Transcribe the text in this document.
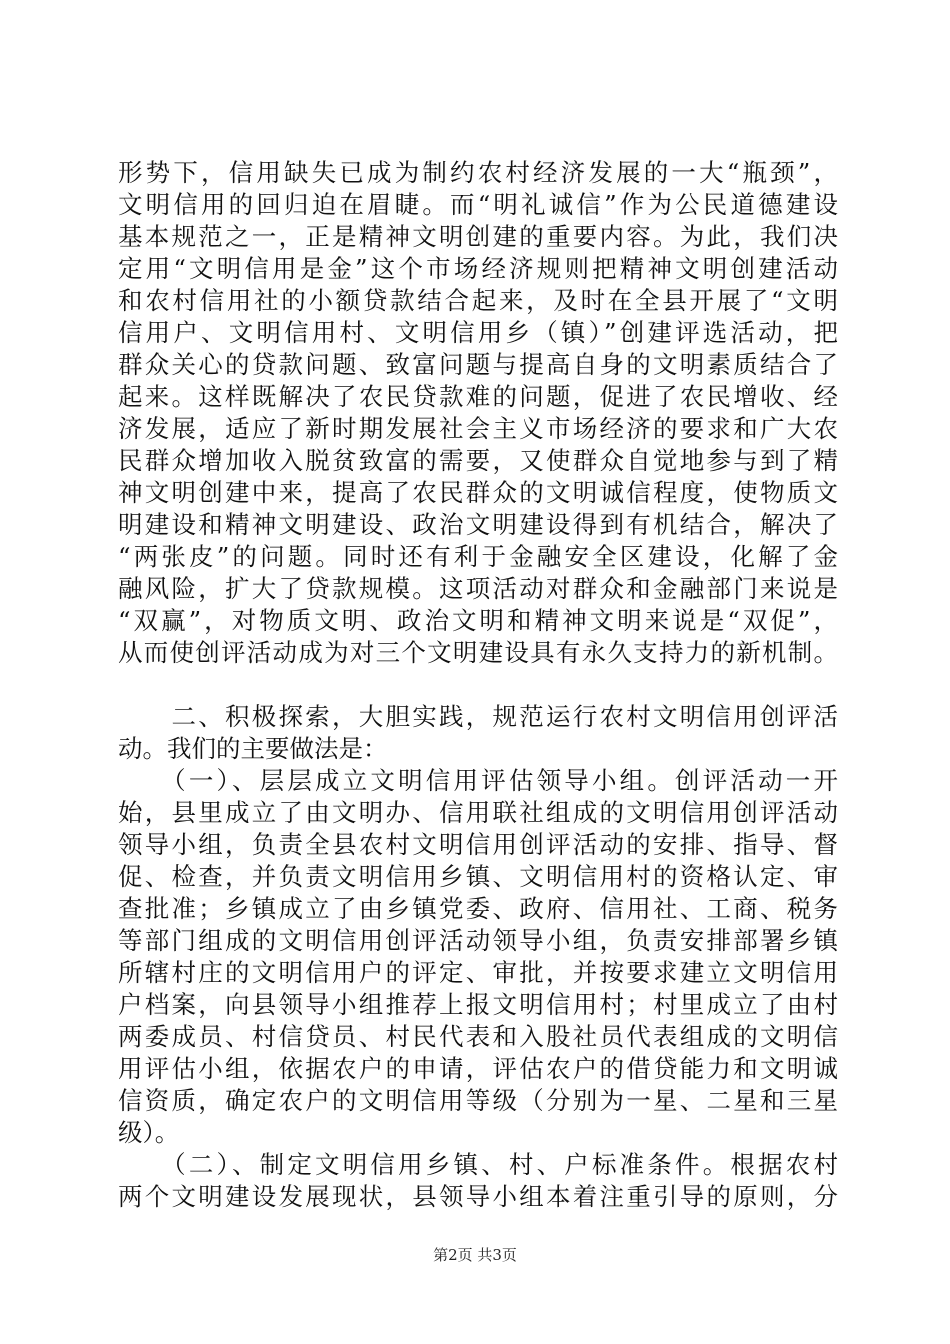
形势下，信用缺失已成为制约农村经济发展的一大“瓶颈”，
文明信用的回归迫在眉睫。而“明礼诚信”作为公民道德建设
基本规范之一，正是精神文明创建的重要内容。为此，我们决
定用“文明信用是金”这个市场经济规则把精神文明创建活动
和农村信用社的小额贷款结合起来，及时在全县开展了“文明
信用户、文明信用村、文明信用乡（镇）”创建评选活动，把
群众关心的贷款问题、致富问题与提高自身的文明素质结合了
起来。这样既解决了农民贷款难的问题，促进了农民增收、经
济发展，适应了新时期发展社会主义市场经济的要求和广大农
民群众增加收入脱贫致富的需要，又使群众自觉地参与到了精
神文明创建中来，提高了农民群众的文明诚信程度，使物质文
明建设和精神文明建设、政治文明建设得到有机结合，解决了
“两张皮”的问题。同时还有利于金融安全区建设，化解了金
融风险，扩大了贷款规模。这项活动对群众和金融部门来说是
“双赢”，对物质文明、政治文明和精神文明来说是“双促”，
从而使创评活动成为对三个文明建设具有永久支持力的新机制。
　　二、积极探索，大胆实践，规范运行农村文明信用创评活
动。我们的主要做法是：
　　（一）、层层成立文明信用评估领导小组。创评活动一开
始，县里成立了由文明办、信用联社组成的文明信用创评活动
领导小组，负责全县农村文明信用创评活动的安排、指导、督
促、检查，并负责文明信用乡镇、文明信用村的资格认定、审
查批准；乡镇成立了由乡镇党委、政府、信用社、工商、税务
等部门组成的文明信用创评活动领导小组，负责安排部署乡镇
所辖村庄的文明信用户的评定、审批，并按要求建立文明信用
户档案，向县领导小组推荐上报文明信用村；村里成立了由村
两委成员、村信贷员、村民代表和入股社员代表组成的文明信
用评估小组，依据农户的申请，评估农户的借贷能力和文明诚
信资质，确定农户的文明信用等级（分别为一星、二星和三星
级）。
　　（二）、制定文明信用乡镇、村、户标准条件。根据农村
两个文明建设发展现状，县领导小组本着注重引导的原则，分
第2页 共3页
